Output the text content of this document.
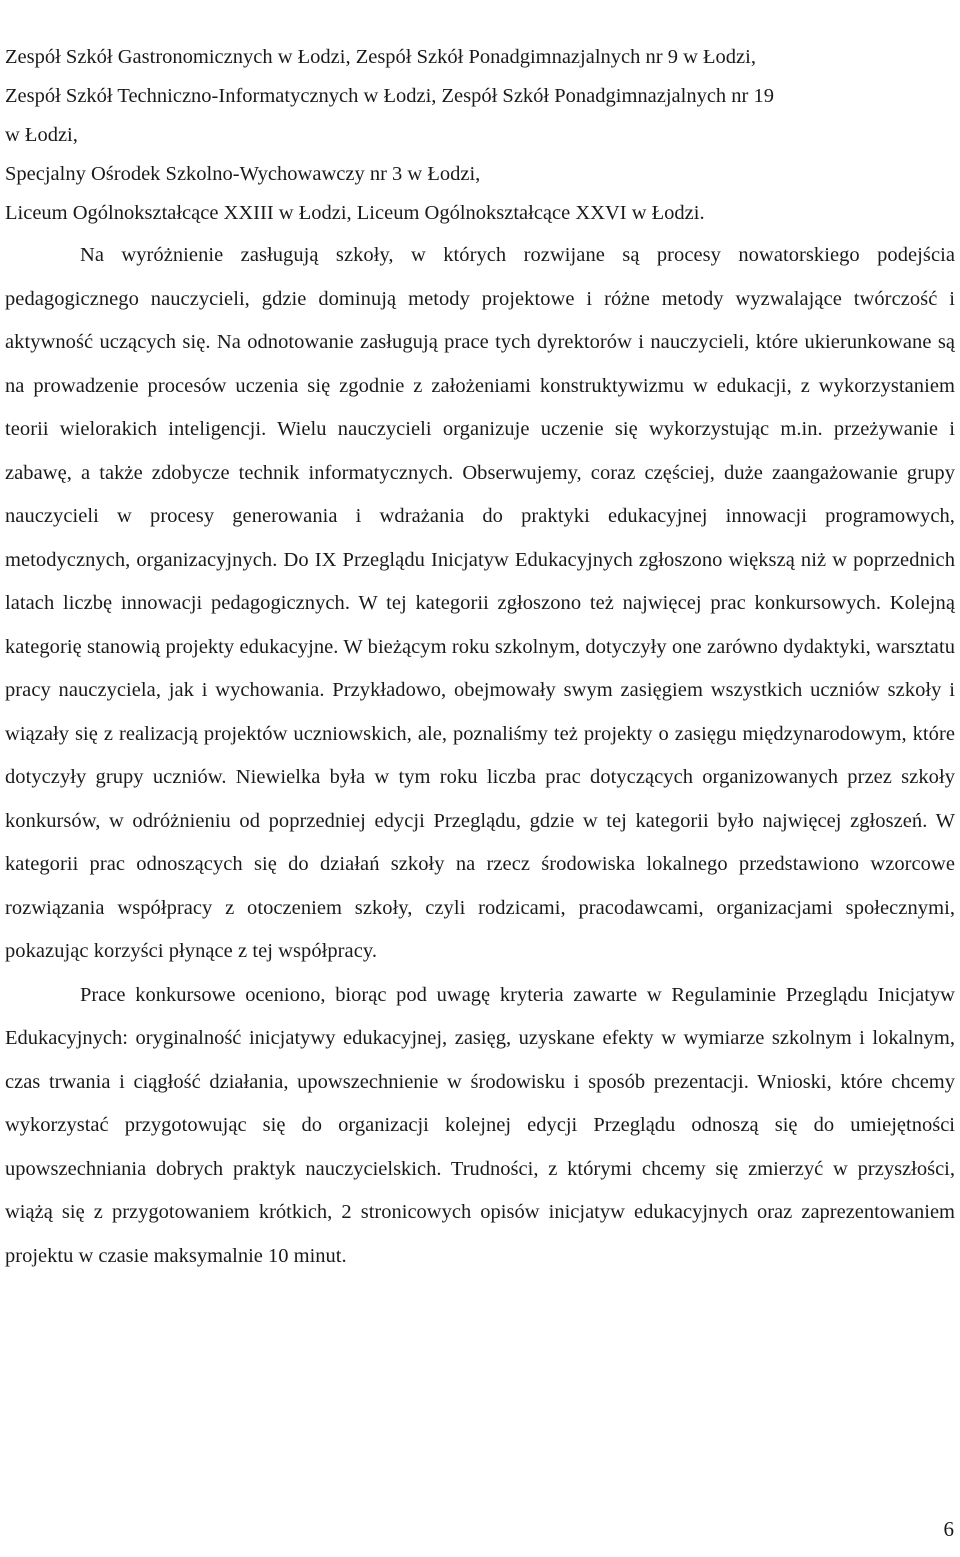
Zespół Szkół Gastronomicznych w Łodzi, Zespół Szkół Ponadgimnazjalnych nr 9 w Łodzi,
Zespół Szkół Techniczno-Informatycznych w Łodzi, Zespół Szkół Ponadgimnazjalnych nr 19
w Łodzi,
Specjalny Ośrodek Szkolno-Wychowawczy nr 3 w Łodzi,
Liceum Ogólnokształcące XXIII w Łodzi, Liceum Ogólnokształcące XXVI w Łodzi.

Na wyróżnienie zasługują szkoły, w których rozwijane są procesy nowatorskiego podejścia pedagogicznego nauczycieli, gdzie dominują metody projektowe i różne metody wyzwalające twórczość i aktywność uczących się. Na odnotowanie zasługują prace tych dyrektorów i nauczycieli, które ukierunkowane są na prowadzenie procesów uczenia się zgodnie z założeniami konstruktywizmu w edukacji, z wykorzystaniem teorii wielorakich inteligencji. Wielu nauczycieli organizuje uczenie się wykorzystując m.in. przeżywanie i zabawę, a także zdobycze technik informatycznych. Obserwujemy, coraz częściej, duże zaangażowanie grupy nauczycieli w procesy generowania i wdrażania do praktyki edukacyjnej innowacji programowych, metodycznych, organizacyjnych. Do IX Przeglądu Inicjatyw Edukacyjnych zgłoszono większą niż w poprzednich latach liczbę innowacji pedagogicznych. W tej kategorii zgłoszono też najwięcej prac konkursowych. Kolejną kategorię stanowią projekty edukacyjne. W bieżącym roku szkolnym, dotyczyły one zarówno dydaktyki, warsztatu pracy nauczyciela, jak i wychowania. Przykładowo, obejmowały swym zasięgiem wszystkich uczniów szkoły i wiązały się z realizacją projektów uczniowskich, ale, poznaliśmy też projekty o zasięgu międzynarodowym, które dotyczyły grupy uczniów. Niewielka była w tym roku liczba prac dotyczących organizowanych przez szkoły konkursów, w odróżnieniu od poprzedniej edycji Przeglądu, gdzie w tej kategorii było najwięcej zgłoszeń. W kategorii prac odnoszących się do działań szkoły na rzecz środowiska lokalnego przedstawiono wzorcowe rozwiązania współpracy z otoczeniem szkoły, czyli rodzicami, pracodawcami, organizacjami społecznymi, pokazując korzyści płynące z tej współpracy.

Prace konkursowe oceniono, biorąc pod uwagę kryteria zawarte w Regulaminie Przeglądu Inicjatyw Edukacyjnych: oryginalność inicjatywy edukacyjnej, zasięg, uzyskane efekty w wymiarze szkolnym i lokalnym, czas trwania i ciągłość działania, upowszechnienie w środowisku i sposób prezentacji. Wnioski, które chcemy wykorzystać przygotowując się do organizacji kolejnej edycji Przeglądu odnoszą się do umiejętności upowszechniania dobrych praktyk nauczycielskich. Trudności, z którymi chcemy się zmierzyć w przyszłości, wiążą się z przygotowaniem krótkich, 2 stronicowych opisów inicjatyw edukacyjnych oraz zaprezentowaniem projektu w czasie maksymalnie 10 minut.

6
